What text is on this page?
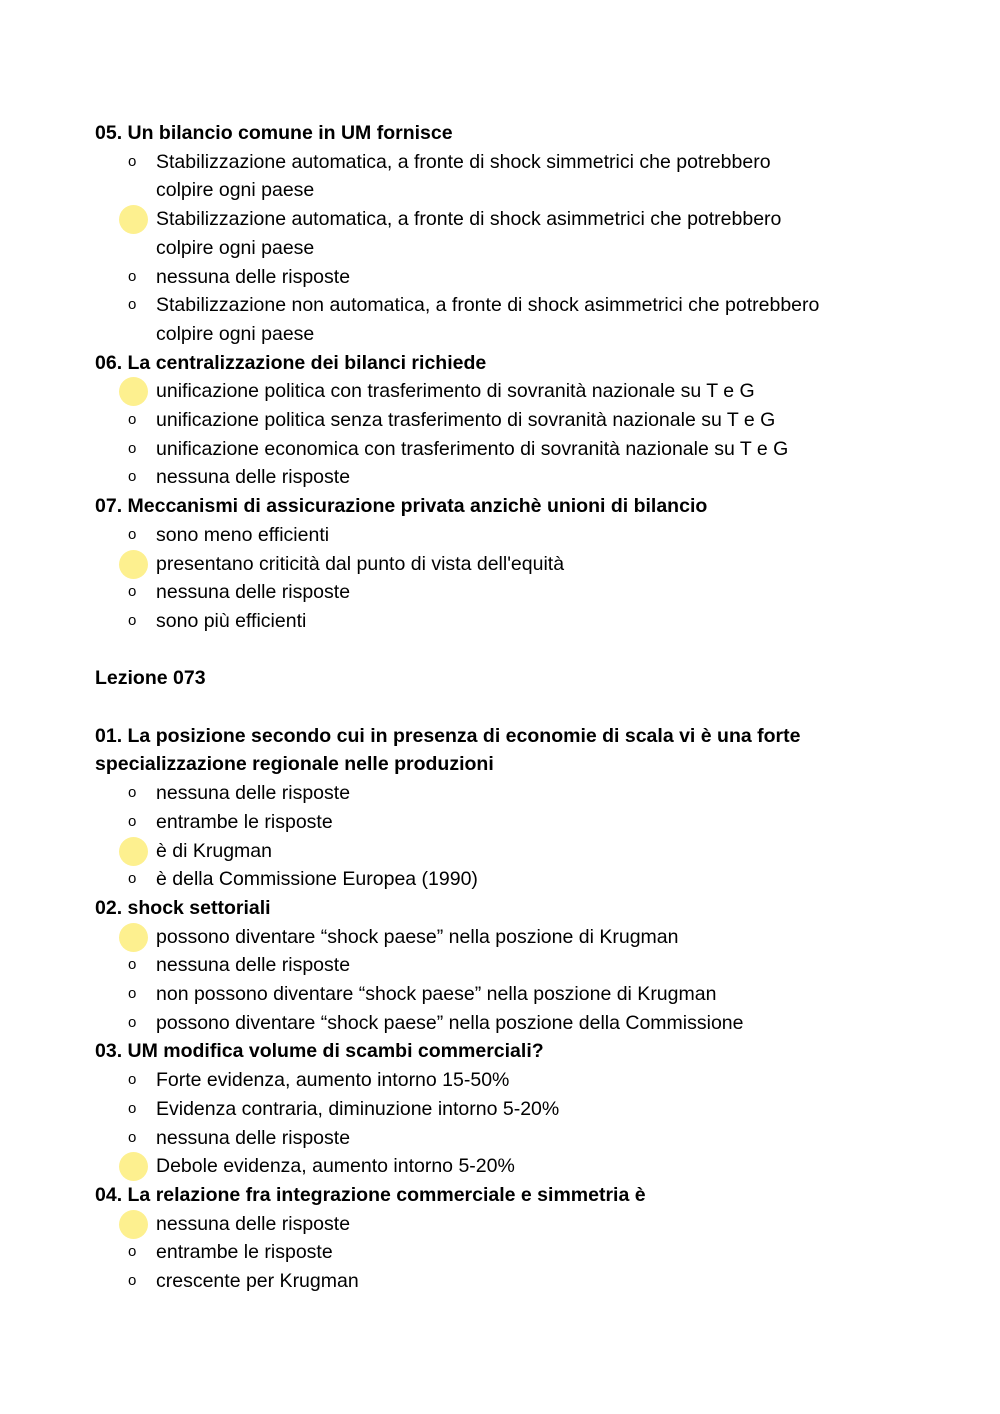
05. Un bilancio comune in UM fornisce

o Stabilizzazione automatica, a fronte di shock simmetrici che potrebbero

colpire ogni paese

Stabilizzazione automatica, a fronte di shock asimmetrici che potrebbero

colpire ogni paese

o nessuna delle risposte

o Stabilizzazione non automatica, a fronte di shock asimmetrici che potrebbero

colpire ogni paese

06. La centralizzazione dei bilanci richiede

unificazione politica con trasferimento di sovranità nazionale su T e G

o unificazione politica senza trasferimento di sovranità nazionale su T e G

o unificazione economica con trasferimento di sovranità nazionale su T e G

o nessuna delle risposte

07. Meccanismi di assicurazione privata anzichè unioni di bilancio

o sono meno efficienti

presentano criticità dal punto di vista dell'equità

o nessuna delle risposte

o sono più efficienti

Lezione 073

01. La posizione secondo cui in presenza di economie di scala vi è una forte

specializzazione regionale nelle produzioni

o nessuna delle risposte

o entrambe le risposte

è di Krugman

o è della Commissione Europea (1990)

02. shock settoriali

possono diventare “shock paese” nella poszione di Krugman

o nessuna delle risposte

o non possono diventare “shock paese” nella poszione di Krugman

o possono diventare “shock paese” nella poszione della Commissione

03. UM modifica volume di scambi commerciali?

o Forte evidenza, aumento intorno 15-50%

o Evidenza contraria, diminuzione intorno 5-20%

o nessuna delle risposte

Debole evidenza, aumento intorno 5-20%

04. La relazione fra integrazione commerciale e simmetria è

nessuna delle risposte

o entrambe le risposte

o crescente per Krugman
